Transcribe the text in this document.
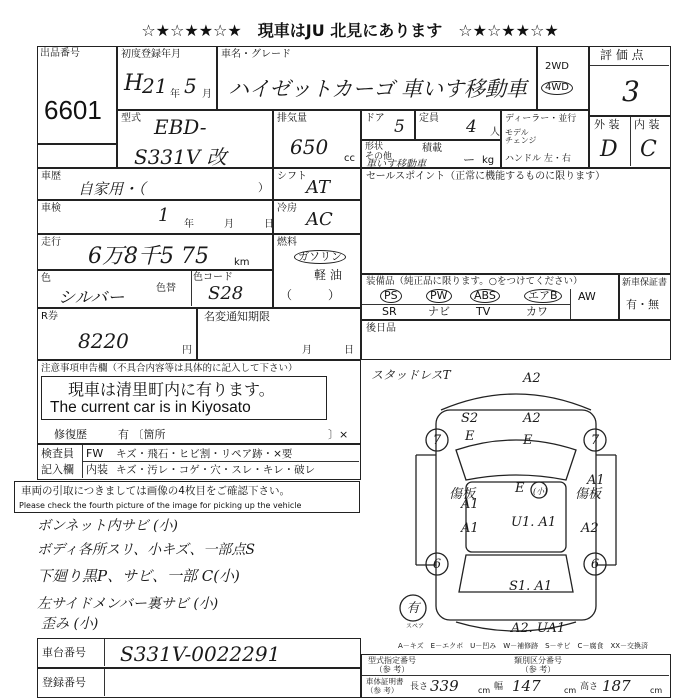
☆★☆★★☆★　現車はJU 北見にあります　☆★☆★★☆★
出品番号
6601
初度登録年月
H
21 年 5 月
車名・グレード
ハイゼットカーゴ 車いす移動車
2WD
4WD
評 価 点
3
型式 EBD-
S331V 改
排気量
650 cc
ドア 5 定員 4 人
ディーラー・並行
モデル
チェンジ
ハンドル 左・右
形状
その他
車いす移動車
積載
ー kg
外 装 内 装
D C
車歴
自家用・（	）
シフト
AT
車検	1 年	月	日
冷房
AC
走行
6万8千5 75	km
燃料
ガソリン
軽 油
（　　　）
色
シルバー	色替
色コード
S28
R券
8220	円
名変通知期限
月	日
セールスポイント（正常に機能するものに限ります）
装備品（純正品に限ります。○をつけてください）
PS	PW	ABS	エアB	AW
SR	ナビ TV	カワ
新車保証書
有・無
後日品
注意事項申告欄（不具合内容等は具体的に記入して下さい）
現車は清里町内に有ります。
The current car is in Kiyosato
修復歴	有 〔箇所	〕×
検査員
記入欄
FW キズ・飛石・ヒビ割・リペア跡・×要
内装 キズ・汚レ・コゲ・穴・スレ・キレ・破レ
車両の引取につきましては画像の4枚目をご確認下さい。
Please check the fourth picture of the image for picking up the vehicle
ボンネット内サビ (小)
ボディ各所スリ、小キズ、一部点S
下廻り黒P、サビ、一部 C(小)
左サイドメンバー裏サビ (小)
歪み (小)
スタッドレスT
7	7
6	6
有
A2
S2
E
A2
E
A1
A1
傷板	E (小)
U1. A1
傷板
A1	A2
S1. A1
A2. UA1
スペア
A－キズ　E－エクボ　U－凹み　W－補修跡　S－サビ　C－腐食　XX－交換済
車台番号 S331V-0022291
登録番号
型式指定番号
（参 考）
類別区分番号
（参 考）
車体証明書
（参 考）	長さ 339 cm 幅 147	cm 高さ 187 cm
